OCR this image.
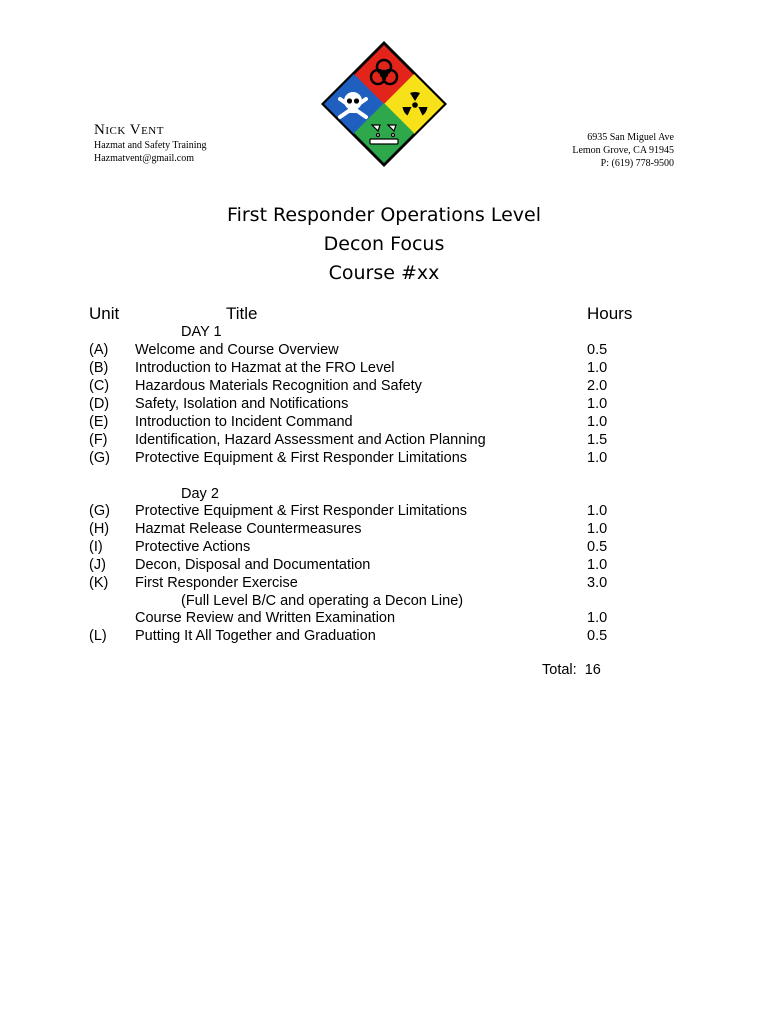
Nick Vent
Hazmat and Safety Training
Hazmatvent@gmail.com
6935 San Miguel Ave
Lemon Grove, CA 91945
P: (619) 778-9500
First Responder Operations Level
Decon Focus
Course #xx
Unit	Title	Hours
DAY 1
(A) Welcome and Course Overview	0.5
(B) Introduction to Hazmat at the FRO Level	1.0
(C) Hazardous Materials Recognition and Safety	2.0
(D) Safety, Isolation and Notifications	1.0
(E) Introduction to Incident Command	1.0
(F) Identification, Hazard Assessment and Action Planning	1.5
(G) Protective Equipment & First Responder Limitations	1.0
Day 2
(G) Protective Equipment & First Responder Limitations	1.0
(H) Hazmat Release Countermeasures	1.0
(I) Protective Actions	0.5
(J) Decon, Disposal and Documentation	1.0
(K) First Responder Exercise	3.0
(Full Level B/C and operating a Decon Line)
Course Review and Written Examination	1.0
(L) Putting It All Together and Graduation	0.5
Total: 16
